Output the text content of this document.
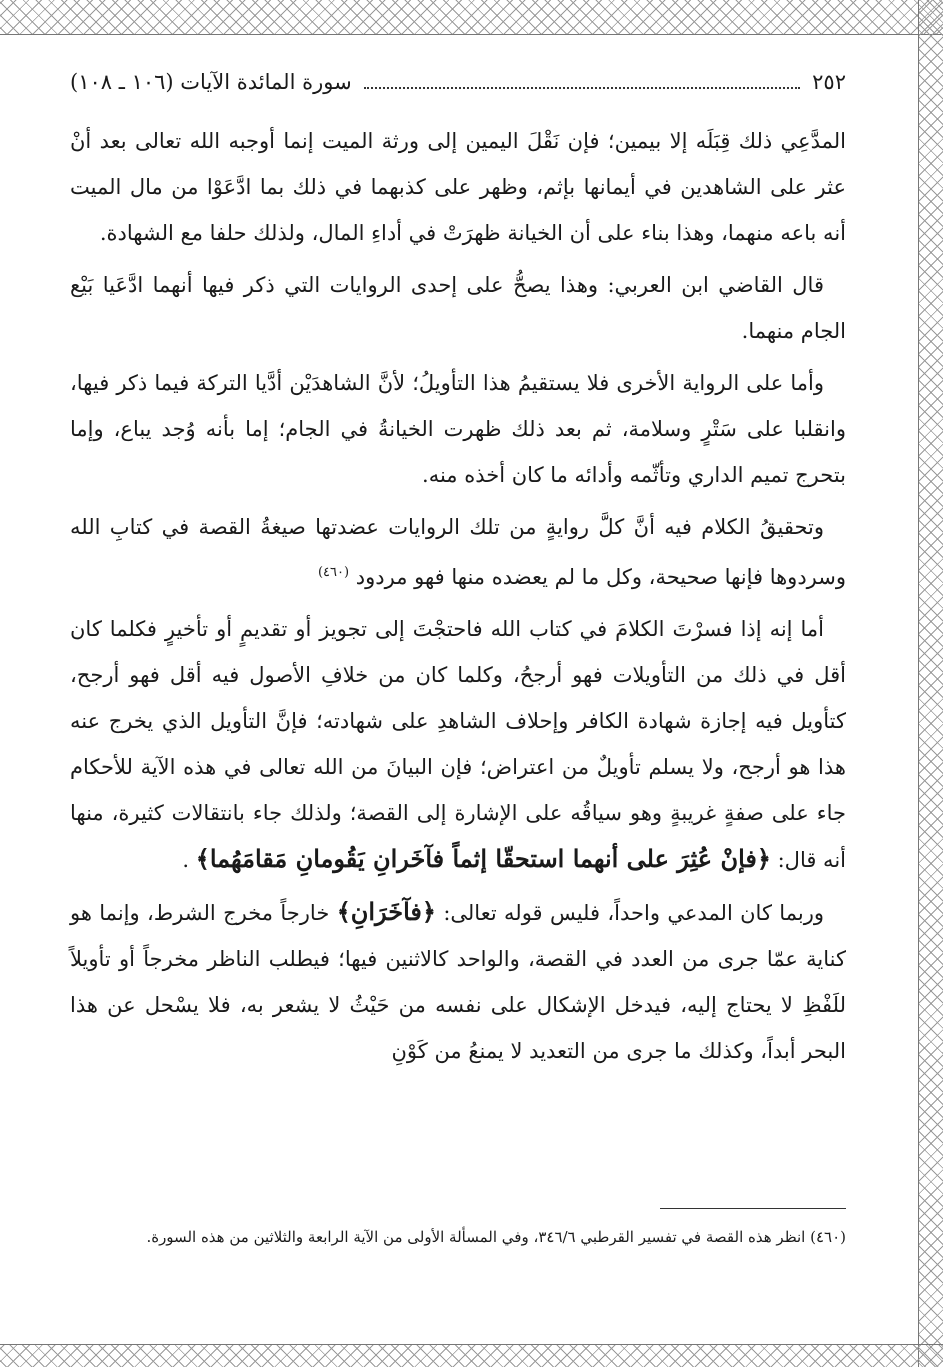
٢٥٢
سورة المائدة الآيات (١٠٦ ـ ١٠٨)

المدَّعِي ذلك قِبَلَه إلا بيمين؛ فإن نَقْلَ اليمين إلى ورثة الميت إنما أوجبه الله تعالى بعد أنْ عثر على الشاهدين في أيمانها بإثم، وظهر على كذبهما في ذلك بما ادَّعَوْا من مال الميت أنه باعه منهما، وهذا بناء على أن الخيانة ظهرَتْ في أداءِ المال، ولذلك حلفا مع الشهادة.

قال القاضي ابن العربي: وهذا يصحُّ على إحدى الروايات التي ذكر فيها أنهما ادَّعَيا بَيْع الجام منهما.

وأما على الرواية الأخرى فلا يستقيمُ هذا التأويلُ؛ لأنَّ الشاهدَيْن أدَّيا التركة فيما ذكر فيها، وانقلبا على سَتْرٍ وسلامة، ثم بعد ذلك ظهرت الخيانةُ في الجام؛ إما بأنه وُجد يباع، وإما بتحرج تميم الداري وتأثّمه وأدائه ما كان أخذه منه.

وتحقيقُ الكلام فيه أنَّ كلَّ روايةٍ من تلك الروايات عضدتها صيغةُ القصة في كتابِ الله وسردوها فإنها صحيحة، وكل ما لم يعضده منها فهو مردود $^{(٤٦٠)}$

أما إنه إذا فسرْتَ الكلامَ في كتاب الله فاحتجْتَ إلى تجويز أو تقديمٍ أو تأخيرٍ فكلما كان أقل في ذلك من التأويلات فهو أرجحُ، وكلما كان من خلافِ الأصول فيه أقل فهو أرجح، كتأويل فيه إجازة شهادة الكافر وإحلاف الشاهدِ على شهادته؛ فإنَّ التأويل الذي يخرج عنه هذا هو أرجح، ولا يسلم تأويلٌ من اعتراض؛ فإن البيانَ من الله تعالى في هذه الآية للأحكام جاء على صفةٍ غريبةٍ وهو سياقُه على الإشارة إلى القصة؛ ولذلك جاء بانتقالات كثيرة، منها أنه قال: ﴿فإنْ عُثِرَ على أنهما استحقّا إثماً فآخَرانِ يَقُومانِ مَقامَهُما﴾ .

وربما كان المدعي واحداً، فليس قوله تعالى: ﴿فآخَرَانِ﴾ خارجاً مخرج الشرط، وإنما هو كناية عمّا جرى من العدد في القصة، والواحد كالاثنين فيها؛ فيطلب الناظر مخرجاً أو تأويلاً للَفْظِ لا يحتاج إليه، فيدخل الإشكال على نفسه من حَيْثُ لا يشعر به، فلا يسْحل عن هذا البحر أبداً، وكذلك ما جرى من التعديد لا يمنعُ من كَوْنِ

(٤٦٠) انظر هذه القصة في تفسير القرطبي ٣٤٦/٦، وفي المسألة الأولى من الآية الرابعة والثلاثين من هذه السورة.
